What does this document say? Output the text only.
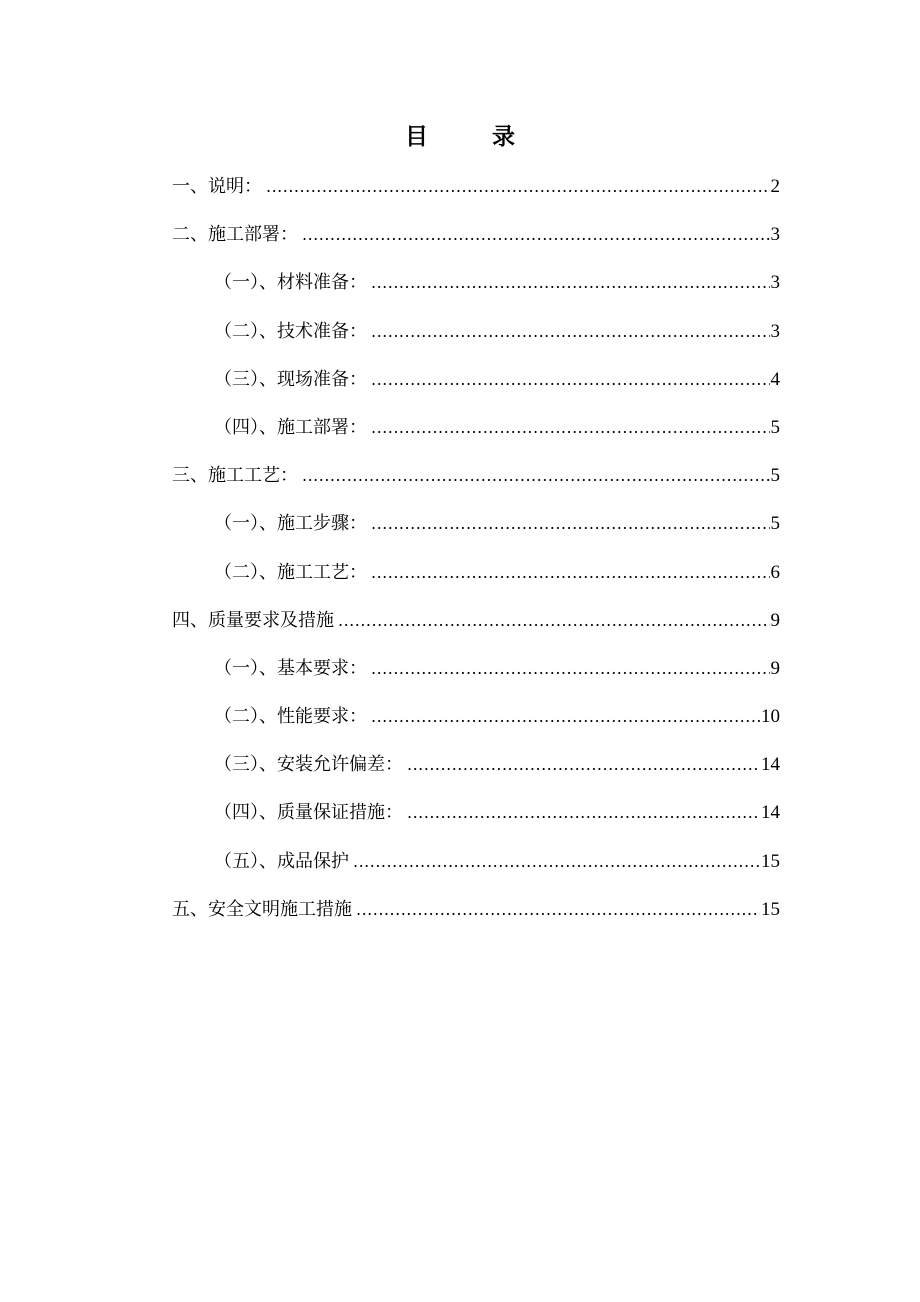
目 录
一、说明： .....	2
二、施工部署： .....	3
（一）、材料准备： .....	3
（二）、技术准备： .....	3
（三）、现场准备： .....	4
（四）、施工部署： .....	5
三、施工工艺： .....	5
（一）、施工步骤： .....	5
（二）、施工工艺： .....	6
四、质量要求及措施 .....	9
（一）、基本要求： .....	9
（二）、性能要求： .....	10
（三）、安装允许偏差： .....	14
（四）、质量保证措施： .....	14
（五）、成品保护 .....	15
五、安全文明施工措施 .....	15
